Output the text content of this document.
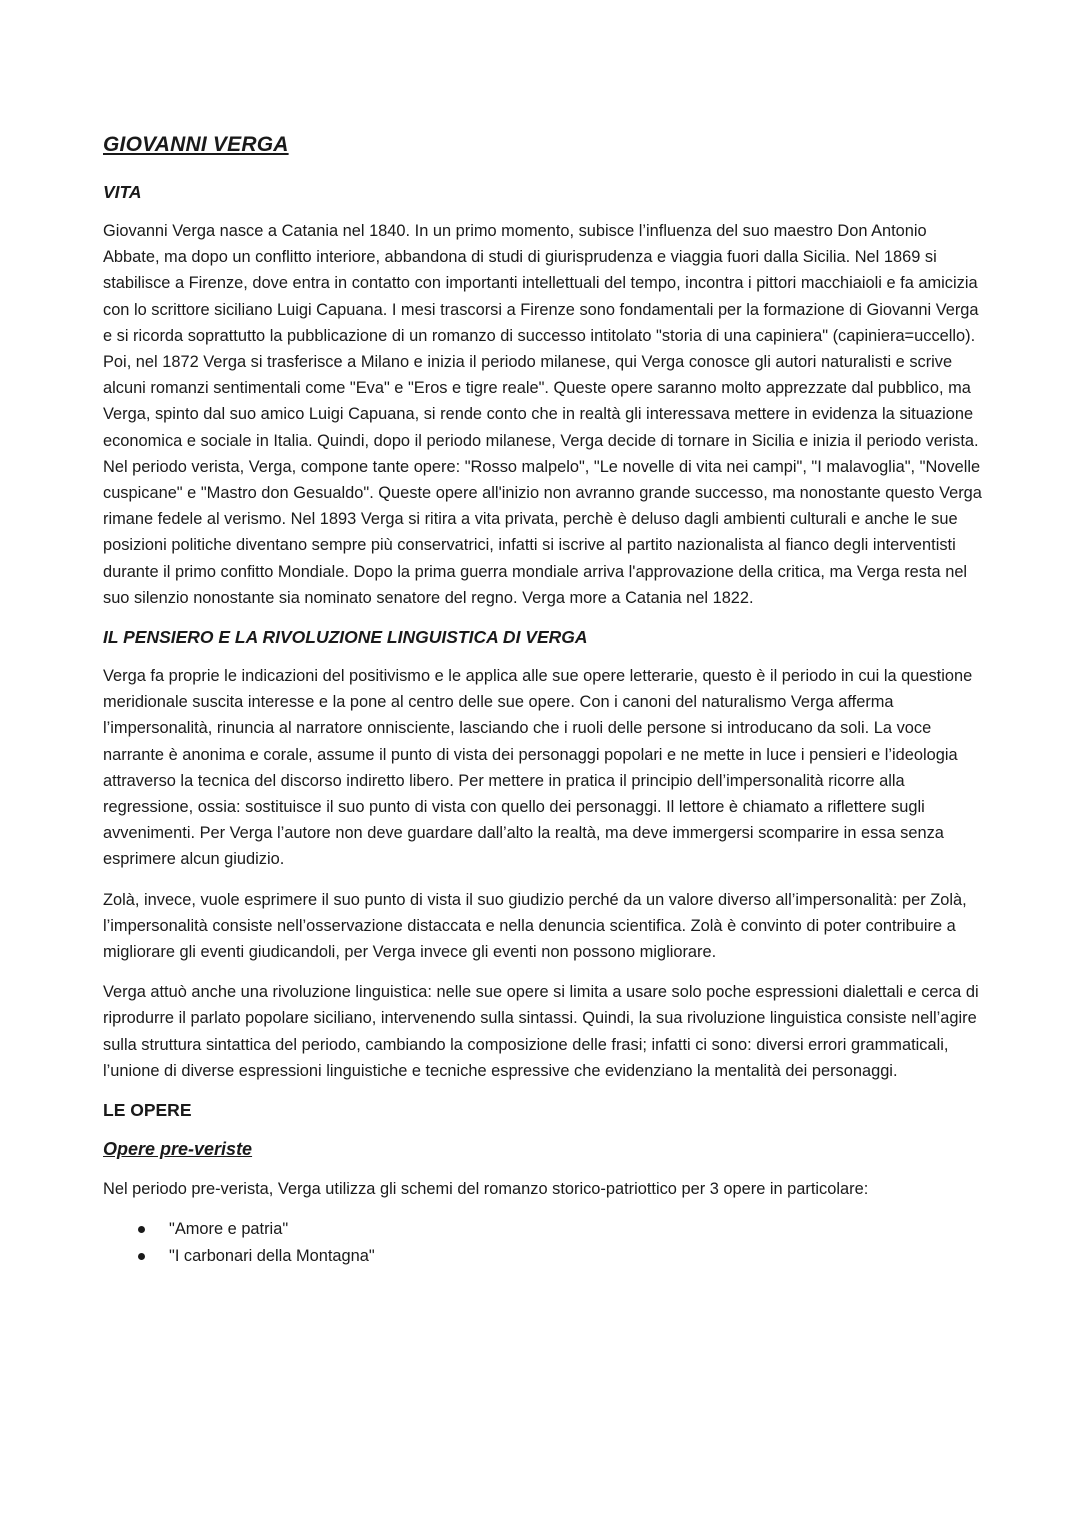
GIOVANNI VERGA
VITA

Giovanni Verga nasce a Catania nel 1840. In un primo momento, subisce l’influenza del suo maestro Don Antonio Abbate, ma dopo un conflitto interiore, abbandona di studi di giurisprudenza e viaggia fuori dalla Sicilia. Nel 1869 si stabilisce a Firenze, dove entra in contatto con importanti intellettuali del tempo, incontra i pittori macchiaioli e fa amicizia con lo scrittore siciliano Luigi Capuana. I mesi trascorsi a Firenze sono fondamentali per la formazione di Giovanni Verga e si ricorda soprattutto la pubblicazione di un romanzo di successo intitolato "storia di una capiniera" (capiniera=uccello). Poi, nel 1872 Verga si trasferisce a Milano e inizia il periodo milanese, qui Verga conosce gli autori naturalisti e scrive alcuni romanzi sentimentali come "Eva" e "Eros e tigre reale". Queste opere saranno molto apprezzate dal pubblico, ma Verga, spinto dal suo amico Luigi Capuana, si rende conto che in realtà gli interessava mettere in evidenza la situazione economica e sociale in Italia. Quindi, dopo il periodo milanese, Verga decide di tornare in Sicilia e inizia il periodo verista. Nel periodo verista, Verga, compone tante opere: "Rosso malpelo", "Le novelle di vita nei campi", "I malavoglia", "Novelle cuspicane" e "Mastro don Gesualdo". Queste opere all'inizio non avranno grande successo, ma nonostante questo Verga rimane fedele al verismo. Nel 1893 Verga si ritira a vita privata, perchè è deluso dagli ambienti culturali e anche le sue posizioni politiche diventano sempre più conservatrici, infatti si iscrive al partito nazionalista al fianco degli interventisti durante il primo confitto Mondiale. Dopo la prima guerra mondiale arriva l'approvazione della critica, ma Verga resta nel suo silenzio nonostante sia nominato senatore del regno. Verga more a Catania nel 1822.

IL PENSIERO E LA RIVOLUZIONE LINGUISTICA DI VERGA

Verga fa proprie le indicazioni del positivismo e le applica alle sue opere letterarie, questo è il periodo in cui la questione meridionale suscita interesse e la pone al centro delle sue opere. Con i canoni del naturalismo Verga afferma l’impersonalità, rinuncia al narratore onnisciente, lasciando che i ruoli delle persone si introducano da soli. La voce narrante è anonima e corale, assume il punto di vista dei personaggi popolari e ne mette in luce i pensieri e l’ideologia attraverso la tecnica del discorso indiretto libero. Per mettere in pratica il principio dell’impersonalità ricorre alla regressione, ossia: sostituisce il suo punto di vista con quello dei personaggi. Il lettore è chiamato a riflettere sugli avvenimenti. Per Verga l’autore non deve guardare dall’alto la realtà, ma deve immergersi scomparire in essa senza esprimere alcun giudizio.

Zolà, invece, vuole esprimere il suo punto di vista il suo giudizio perché da un valore diverso all’impersonalità: per Zolà, l’impersonalità consiste nell’osservazione distaccata e nella denuncia scientifica. Zolà è convinto di poter contribuire a migliorare gli eventi giudicandoli, per Verga invece gli eventi non possono migliorare.

Verga attuò anche una rivoluzione linguistica: nelle sue opere si limita a usare solo poche espressioni dialettali e cerca di riprodurre il parlato popolare siciliano, intervenendo sulla sintassi. Quindi, la sua rivoluzione linguistica consiste nell’agire sulla struttura sintattica del periodo, cambiando la composizione delle frasi; infatti ci sono: diversi errori grammaticali, l’unione di diverse espressioni linguistiche e tecniche espressive che evidenziano la mentalità dei personaggi.

LE OPERE
Opere pre-veriste

Nel periodo pre-verista, Verga utilizza gli schemi del romanzo storico-patriottico per 3 opere in particolare:

"Amore e patria"
"I carbonari della Montagna"
